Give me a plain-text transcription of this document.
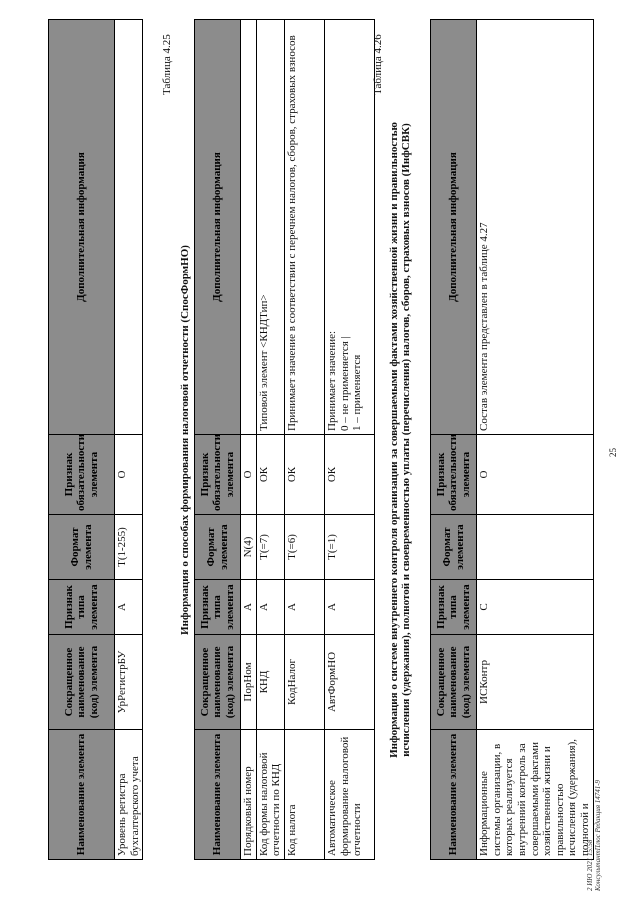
Наименование элемента	Сокращенное наименование (код) элемента	Признак типа элемента	Формат элемента	Признак обязательности элемента	Дополнительная информация
Уровень регистра бухгалтерского учета	УрРегистрБУ	А	T(1-255)	О	
Таблица 4.25
Информация о способах формирования налоговой отчетности (СпосФормНО)
Наименование элемента	Сокращенное наименование (код) элемента	Признак типа элемента	Формат элемента	Признак обязательности элемента	Дополнительная информация
Порядковый номер	ПорНом	А	N(4)	О	
Код формы налоговой отчетности по КНД	КНД	А	T(=7)	ОК	Типовой элемент <КНДТип>
Код налога	КодНалог	А	T(=6)	ОК	Принимает значение в соответствии с перечнем налогов, сборов, страховых взносов
Автоматическое формирование налоговой отчетности	АвтФормНО	А	T(=1)	ОК	Принимает значение:
0 – не применяется |
1 – применяется
Таблица 4.26
Информация о системе внутреннего контроля организации за совершаемыми фактами хозяйственной жизни и правильностью исчисления (удержания), полнотой и своевременностью уплаты (перечисления) налогов, сборов, страховых взносов (ИнфСВК)
Наименование элемента	Сокращенное наименование (код) элемента	Признак типа элемента	Формат элемента	Признак обязательности элемента	Дополнительная информация
Информационные системы организации, в которых реализуется внутренний контроль за совершаемыми фактами хозяйственной жизни и правильностью исчисления (удержания), полнотой и	ИСКонтр	С		О	Состав элемента представлен в таблице 4.27
25
2 ИЮ 2021 15:58
КонсультантПлюс Редакция 14741-9
